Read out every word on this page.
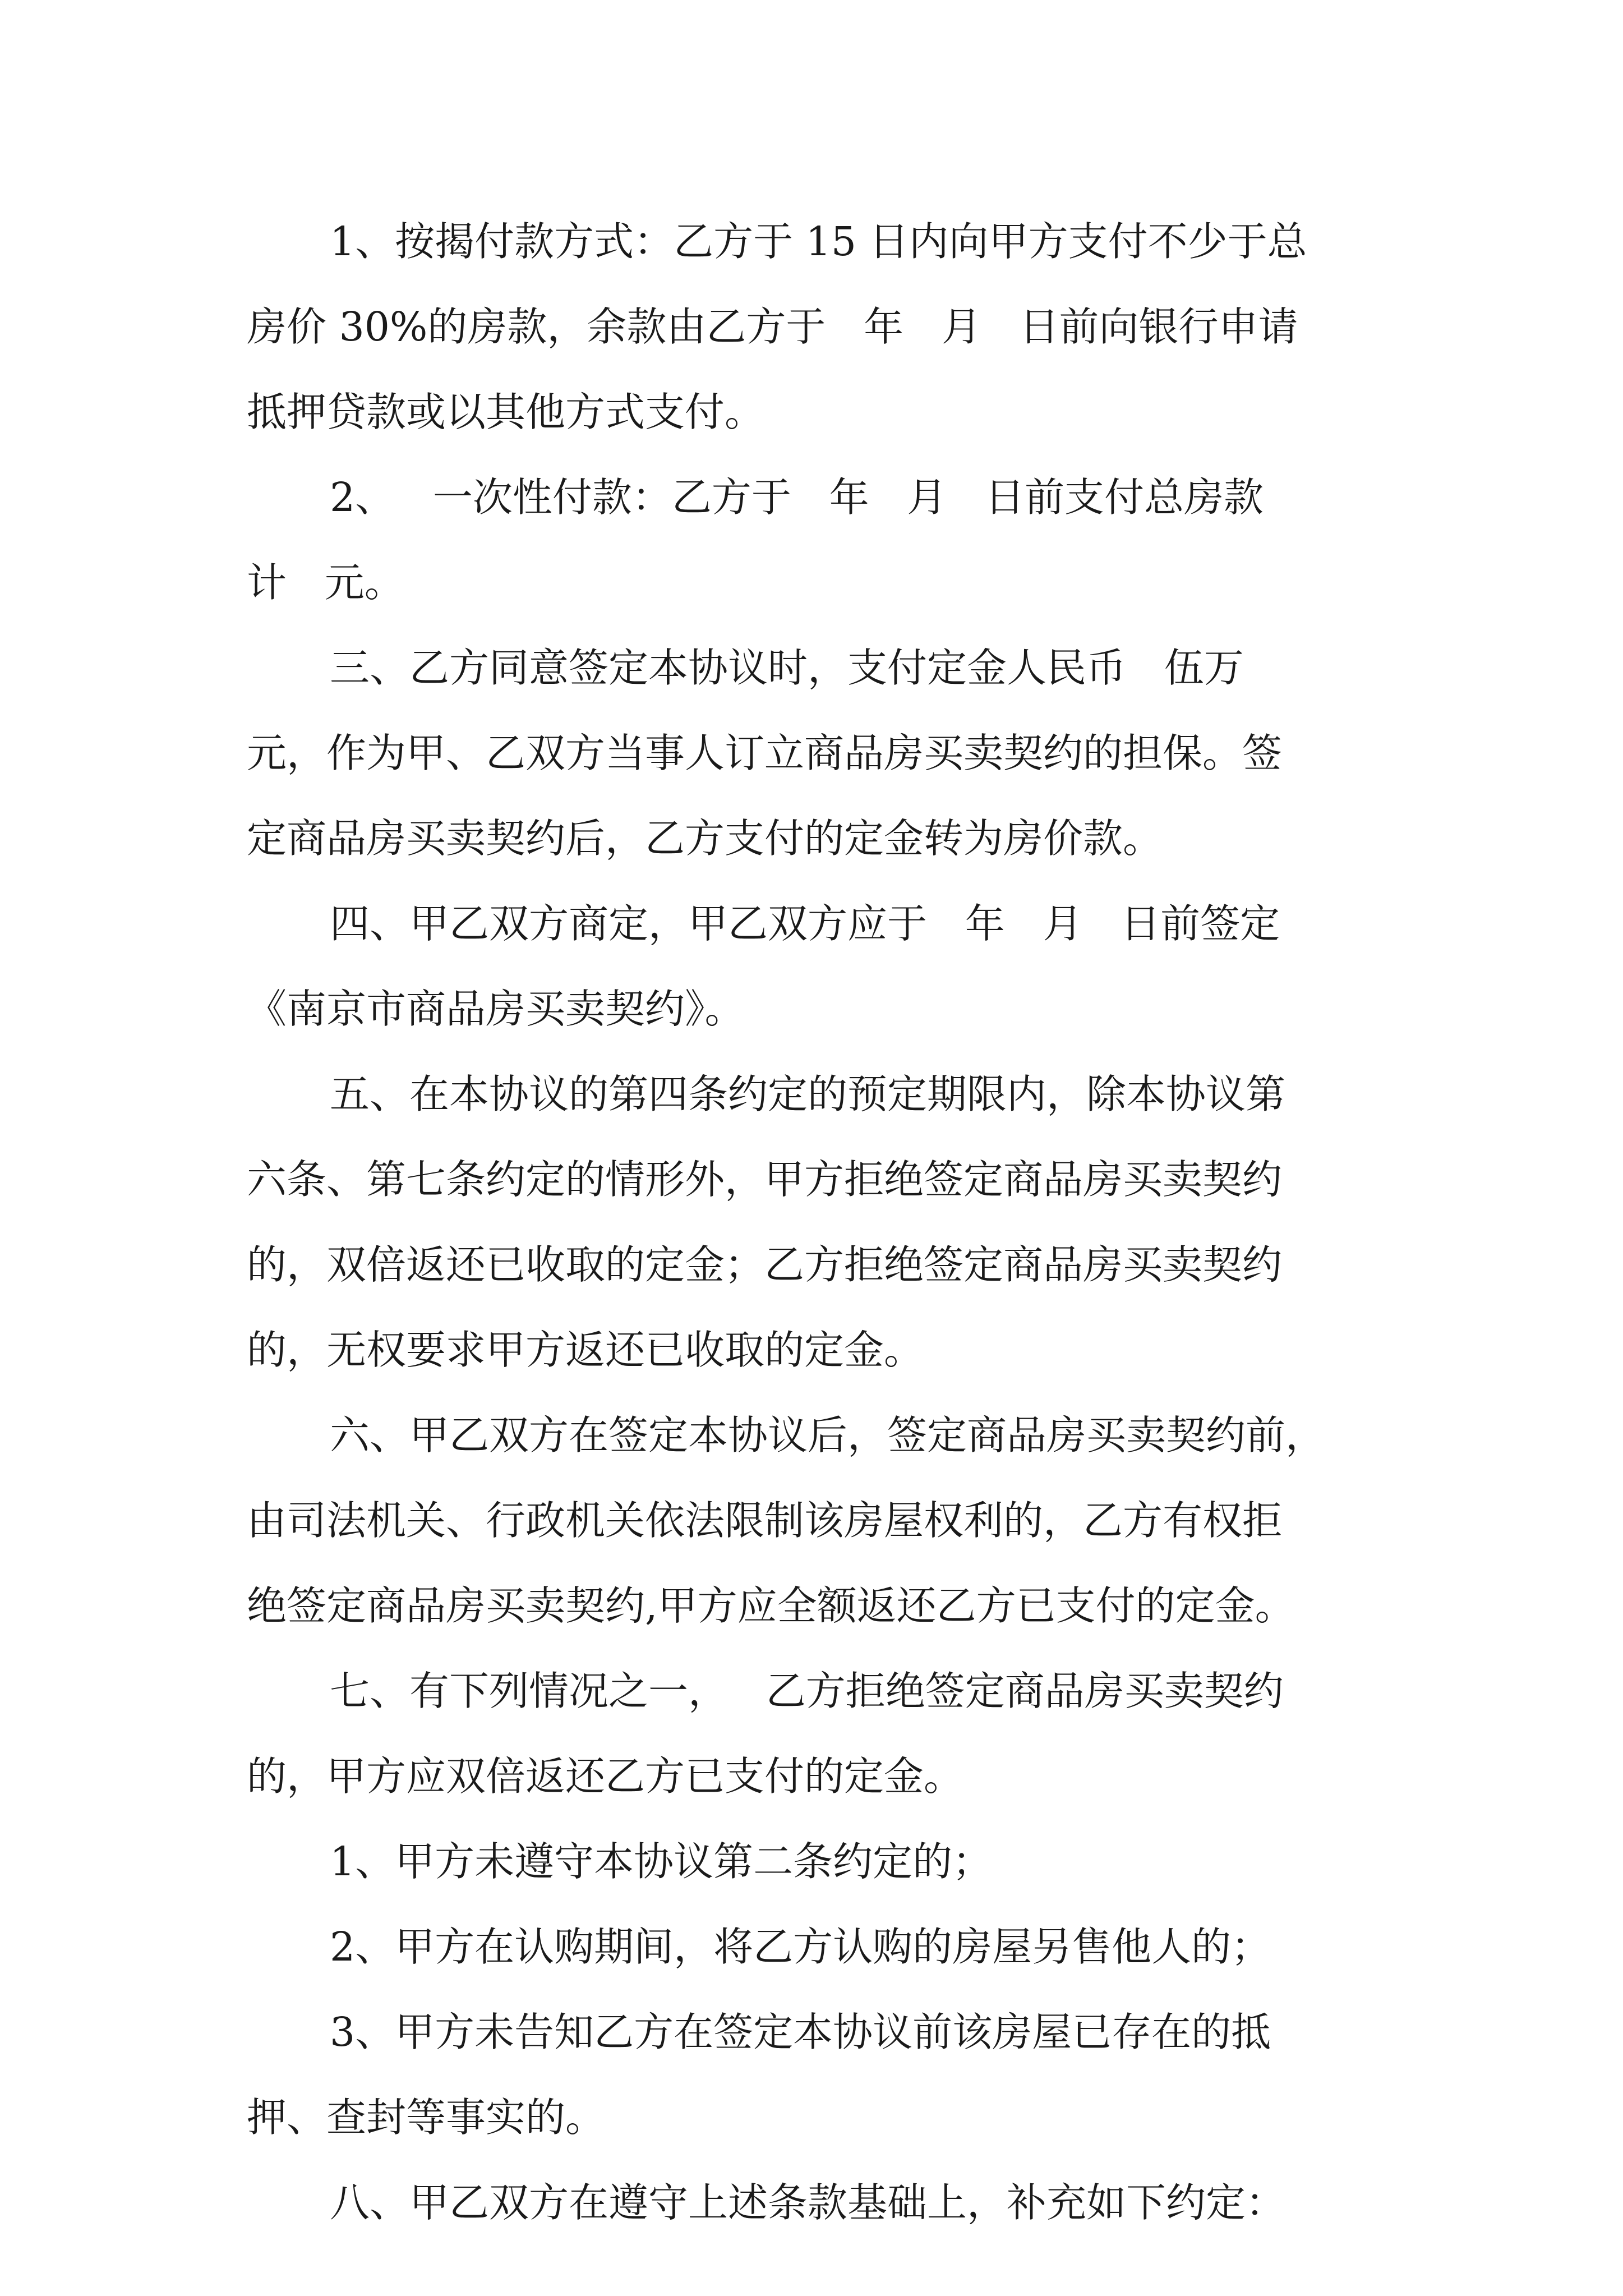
1、按揭付款方式：乙方于 15 日内向甲方支付不少于总
房价 30%的房款，余款由乙方于   年   月   日前向银行申请
抵押贷款或以其他方式支付。
2、   一次性付款：乙方于   年   月   日前支付总房款
计   元。
三、乙方同意签定本协议时，支付定金人民币   伍万
元，作为甲、乙双方当事人订立商品房买卖契约的担保。签
定商品房买卖契约后，乙方支付的定金转为房价款。
四、甲乙双方商定，甲乙双方应于   年   月   日前签定
《南京市商品房买卖契约》。
五、在本协议的第四条约定的预定期限内，除本协议第
六条、第七条约定的情形外，甲方拒绝签定商品房买卖契约
的，双倍返还已收取的定金；乙方拒绝签定商品房买卖契约
的，无权要求甲方返还已收取的定金。
六、甲乙双方在签定本协议后，签定商品房买卖契约前，
由司法机关、行政机关依法限制该房屋权利的，乙方有权拒
绝签定商品房买卖契约,甲方应全额返还乙方已支付的定金。
七、有下列情况之一，   乙方拒绝签定商品房买卖契约
的，甲方应双倍返还乙方已支付的定金。
1、甲方未遵守本协议第二条约定的；
2、甲方在认购期间，将乙方认购的房屋另售他人的；
3、甲方未告知乙方在签定本协议前该房屋已存在的抵
押、查封等事实的。
八、甲乙双方在遵守上述条款基础上，补充如下约定：
